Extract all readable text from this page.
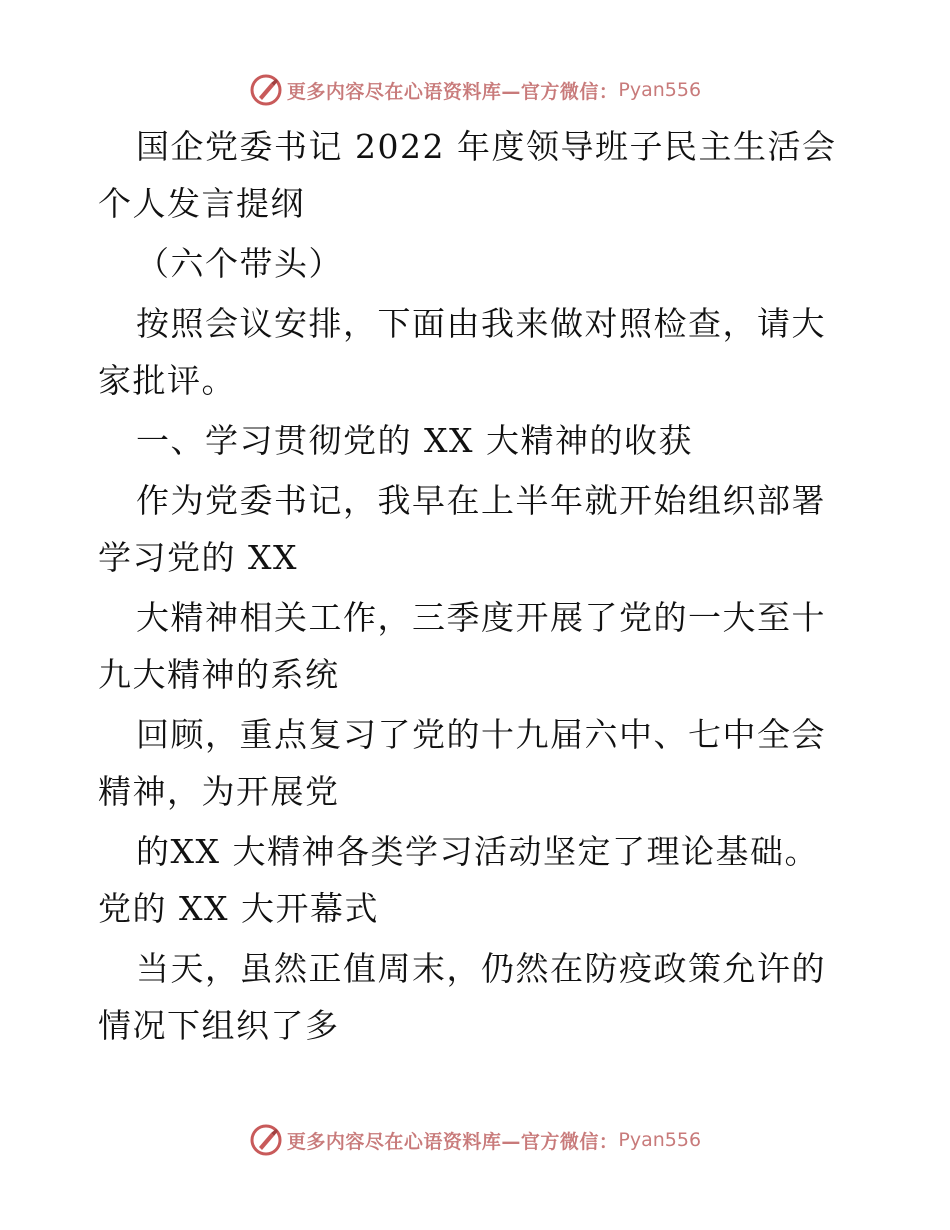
更多内容尽在心语资料库—官方微信： Pyan556

国企党委书记 2022 年度领导班子民主生活会个人发言提纲

（六个带头）

按照会议安排，下面由我来做对照检查，请大家批评。

一、学习贯彻党的 XX 大精神的收获

作为党委书记，我早在上半年就开始组织部署学习党的 XX

大精神相关工作，三季度开展了党的一大至十九大精神的系统

回顾，重点复习了党的十九届六中、七中全会精神，为开展党

的XX 大精神各类学习活动坚定了理论基础。党的 XX 大开幕式

当天，虽然正值周末，仍然在防疫政策允许的情况下组织了多

更多内容尽在心语资料库—官方微信： Pyan556
